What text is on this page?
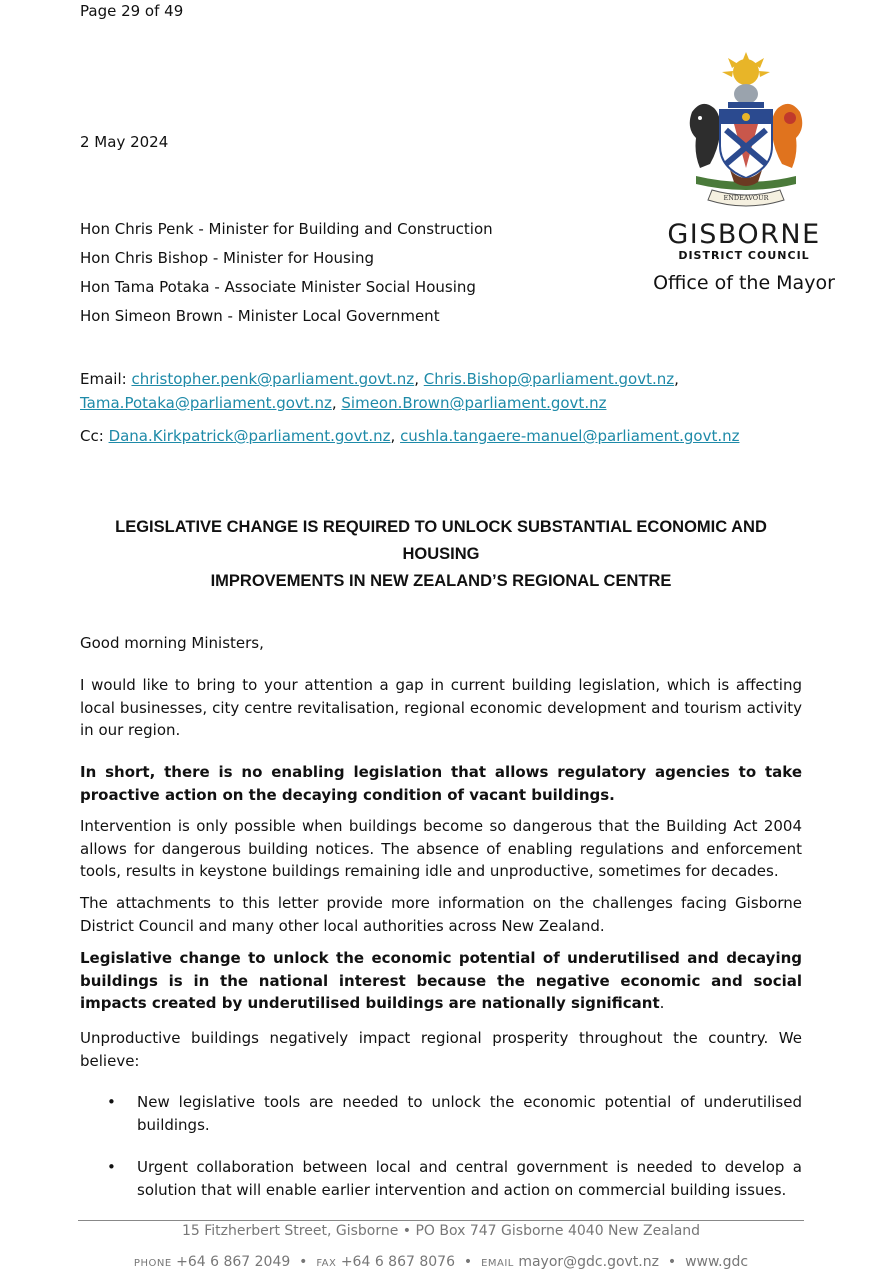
Page 29 of 49
ENDEAVOUR
GISBORNE
DISTRICT COUNCIL
Office of the Mayor
2 May 2024
Hon Chris Penk - Minister for Building and Construction
Hon Chris Bishop - Minister for Housing
Hon Tama Potaka - Associate Minister Social Housing
Hon Simeon Brown - Minister Local Government
Email: christopher.penk@parliament.govt.nz, Chris.Bishop@parliament.govt.nz,
Tama.Potaka@parliament.govt.nz, Simeon.Brown@parliament.govt.nz
Cc: Dana.Kirkpatrick@parliament.govt.nz, cushla.tangaere-manuel@parliament.govt.nz
LEGISLATIVE CHANGE IS REQUIRED TO UNLOCK SUBSTANTIAL ECONOMIC AND HOUSING
IMPROVEMENTS IN NEW ZEALAND’S REGIONAL CENTRE
Good morning Ministers,
I would like to bring to your attention a gap in current building legislation, which is affecting local businesses, city centre revitalisation, regional economic development and tourism activity in our region.
In short, there is no enabling legislation that allows regulatory agencies to take proactive action on the decaying condition of vacant buildings.
Intervention is only possible when buildings become so dangerous that the Building Act 2004 allows for dangerous building notices. The absence of enabling regulations and enforcement tools, results in keystone buildings remaining idle and unproductive, sometimes for decades.
The attachments to this letter provide more information on the challenges facing Gisborne District Council and many other local authorities across New Zealand.
Legislative change to unlock the economic potential of underutilised and decaying buildings is in the national interest because the negative economic and social impacts created by underutilised buildings are nationally significant.
Unproductive buildings negatively impact regional prosperity throughout the country. We believe:
• New legislative tools are needed to unlock the economic potential of underutilised buildings.
• Urgent collaboration between local and central government is needed to develop a solution that will enable earlier intervention and action on commercial building issues.
15 Fitzherbert Street, Gisborne • PO Box 747 Gisborne 4040 New Zealand
PHONE +64 6 867 2049 • FAX +64 6 867 8076 • EMAIL mayor@gdc.govt.nz • www.gdc
